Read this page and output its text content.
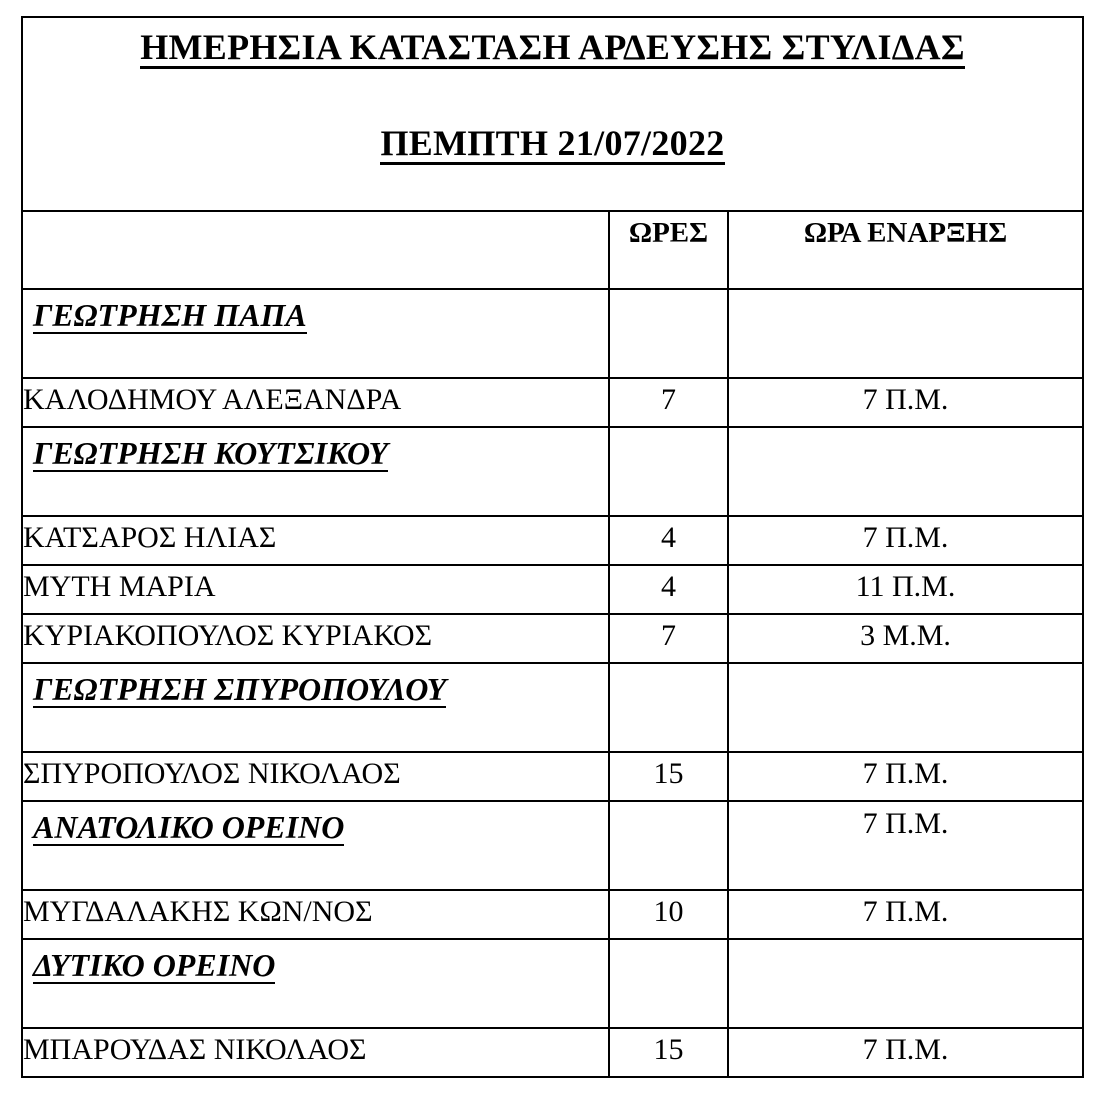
ΗΜΕΡΗΣΙΑ ΚΑΤΑΣΤΑΣΗ ΑΡΔΕΥΣΗΣ ΣΤΥΛΙΔΑΣ
ΠΕΜΠΤΗ 21/07/2022		

	ΩΡΕΣ	ΩΡΑ ΕΝΑΡΞΗΣ

ΓΕΩΤΡΗΣΗ ΠΑΠΑ		

ΚΑΛΟΔΗΜΟΥ ΑΛΕΞΑΝΔΡΑ	7	7 Π.Μ.

ΓΕΩΤΡΗΣΗ ΚΟΥΤΣΙΚΟΥ		

ΚΑΤΣΑΡΟΣ ΗΛΙΑΣ	4	7 Π.Μ.

ΜΥΤΗ ΜΑΡΙΑ	4	11 Π.Μ.

ΚΥΡΙΑΚΟΠΟΥΛΟΣ ΚΥΡΙΑΚΟΣ	7	3 Μ.Μ.

ΓΕΩΤΡΗΣΗ ΣΠΥΡΟΠΟΥΛΟΥ		

ΣΠΥΡΟΠΟΥΛΟΣ ΝΙΚΟΛΑΟΣ	15	7 Π.Μ.

ΑΝΑΤΟΛΙΚΟ ΟΡΕΙΝΟ		7 Π.Μ.

ΜΥΓΔΑΛΑΚΗΣ ΚΩΝ/ΝΟΣ	10	7 Π.Μ.

ΔΥΤΙΚΟ ΟΡΕΙΝΟ		

ΜΠΑΡΟΥΔΑΣ ΝΙΚΟΛΑΟΣ	15	7 Π.Μ.
